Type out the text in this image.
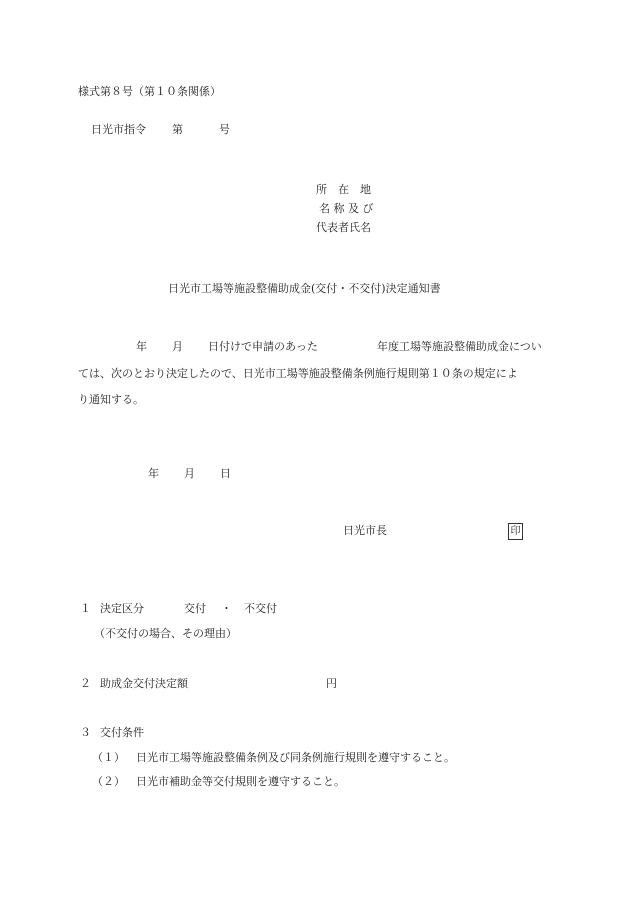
様式第８号（第１０条関係）
日光市指令 第	号
所　在　地
名 称 及 び
代表者氏名
日光市工場等施設整備助成金(交付・不交付)決定通知書
年 月 日付けで申請のあった	年度工場等施設整備助成金につい
ては、次のとおり決定したので、日光市工場等施設整備条例施行規則第１０条の規定によ
り通知する。
年 月 日
日光市長	印
１ 決定区分	交付 ・ 不交付
（不交付の場合、その理由）
２ 助成金交付決定額	円
３ 交付条件
（１） 日光市工場等施設整備条例及び同条例施行規則を遵守すること。
（２） 日光市補助金等交付規則を遵守すること。
